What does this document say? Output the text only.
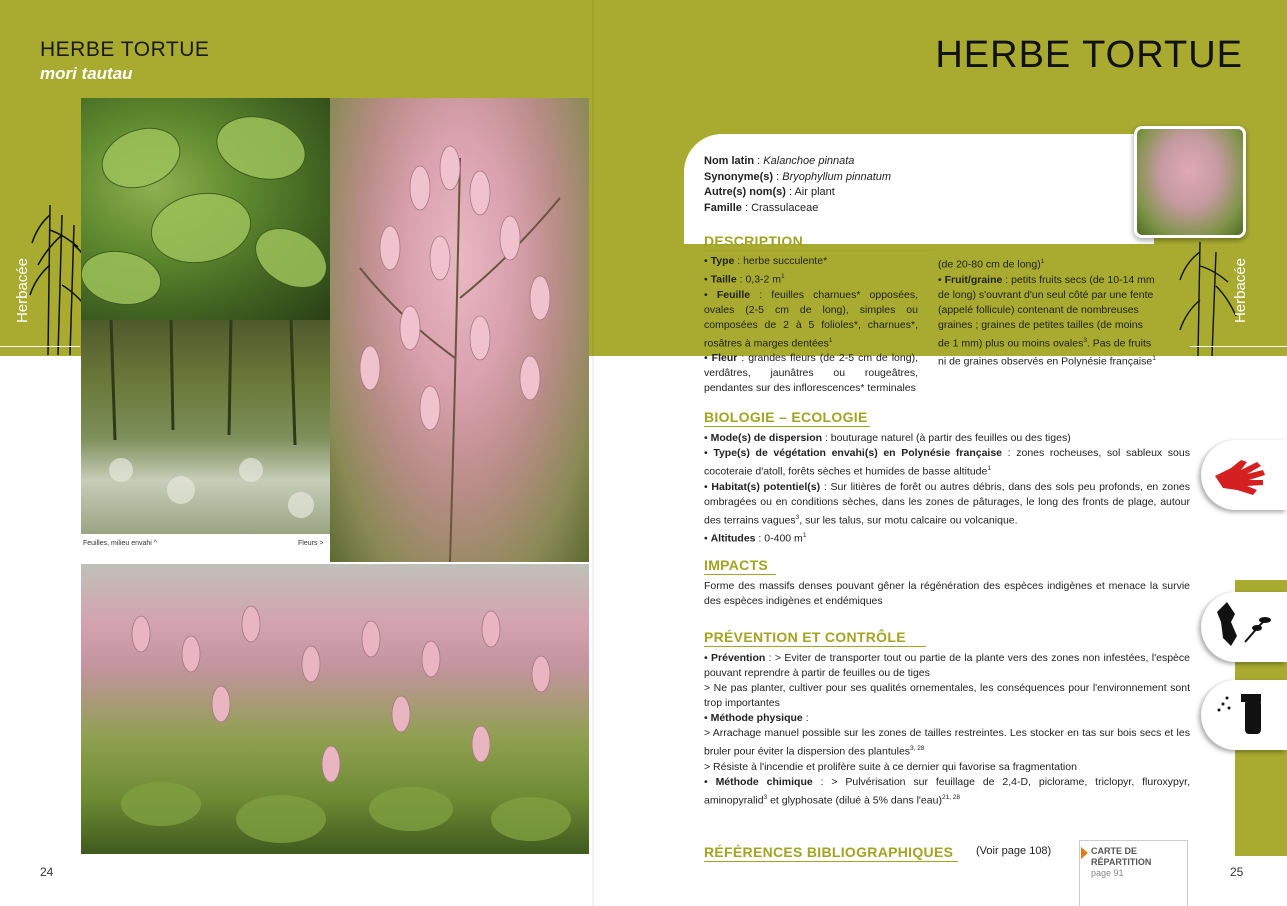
HERBE TORTUE
mori tautau
Herbacée
Feuilles, milieu envahi ^	Fleurs >
24
HERBE TORTUE
Nom latin : Kalanchoe pinnata
Synonyme(s) : Bryophyllum pinnatum
Autre(s) nom(s) : Air plant
Famille : Crassulaceae
Herbacée
DESCRIPTION
• Type : herbe succulente*
• Taille : 0,3-2 $m^1$
• Feuille : feuilles charnues* opposées, ovales (2-5 cm de long), simples ou composées de 2 à 5 folioles*, charnues*, rosâtres à marges dentées$^1$
• Fleur : grandes fleurs (de 2-5 cm de long), verdâtres, jaunâtres ou rougeâtres, pendantes sur des inflorescences* terminales
(de 20-80 cm de long)$^1$
• Fruit/graine : petits fruits secs (de 10-14 mm de long) s'ouvrant d'un seul côté par une fente (appelé follicule) contenant de nombreuses graines ; graines de petites tailles (de moins de 1 mm) plus ou moins ovales$^3$. Pas de fruits ni de graines observés en Polynésie française$^1$
BIOLOGIE – ECOLOGIE
• Mode(s) de dispersion : bouturage naturel (à partir des feuilles ou des tiges)
• Type(s) de végétation envahi(s) en Polynésie française : zones rocheuses, sol sableux sous cocoteraie d'atoll, forêts sèches et humides de basse altitude$^1$
• Habitat(s) potentiel(s) : Sur litières de forêt ou autres débris, dans des sols peu profonds, en zones ombragées ou en conditions sèches, dans les zones de pâturages, le long des fronts de plage, autour des terrains vagues$^3$, sur les talus, sur motu calcaire ou volcanique.
• Altitudes : 0-400 $m^1$
IMPACTS
Forme des massifs denses pouvant gêner la régénération des espèces indigènes et menace la survie des espèces indigènes et endémiques
PRÉVENTION ET CONTRÔLE
• Prévention : > Eviter de transporter tout ou partie de la plante vers des zones non infestées, l'espèce pouvant reprendre à partir de feuilles ou de tiges
> Ne pas planter, cultiver pour ses qualités ornementales, les conséquences pour l'environnement sont trop importantes
• Méthode physique :
> Arrachage manuel possible sur les zones de tailles restreintes. Les stocker en tas sur bois secs et les bruler pour éviter la dispersion des plantules$^{3, 28}$
> Résiste à l'incendie et prolifère suite à ce dernier qui favorise sa fragmentation
• Méthode chimique : > Pulvérisation sur feuillage de 2,4-D, piclorame, triclopyr, fluroxypyr, aminopyralid$^3$ et glyphosate (dilué à 5% dans l'eau)$^{21, 28}$
RÉFÉRENCES BIBLIOGRAPHIQUES (Voir page 108)	CARTE DE RÉPARTITION
page 91	25
